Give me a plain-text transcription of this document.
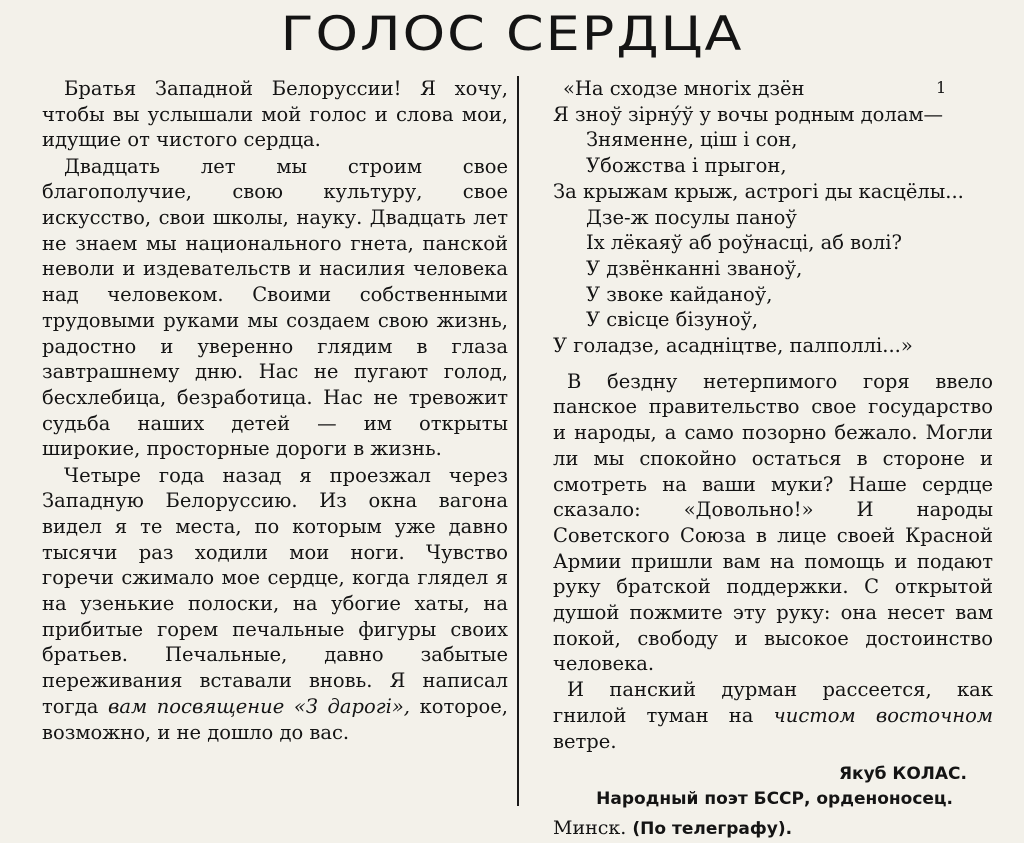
ГОЛОС СЕРДЦА

Братья Западной Белоруссии! Я хочу, чтобы вы услышали мой голос и слова мои, идущие от чистого сердца.

Двадцать лет мы строим свое благополучие, свою культуру, свое искусство, свои школы, науку. Двадцать лет не знаем мы национального гнета, панской неволи и издевательств и насилия человека над человеком. Своими собственными трудовыми руками мы создаем свою жизнь, радостно и уверенно глядим в глаза завтрашнему дню. Нас не пугают голод, бесхлебица, безработица. Нас не тревожит судьба наших детей — им открыты широкие, просторные дороги в жизнь.

Четыре года назад я проезжал через Западную Белоруссию. Из окна вагона видел я те места, по которым уже давно тысячи раз ходили мои ноги. Чувство горечи сжимало мое сердце, когда глядел я на узенькие полоски, на убогие хаты, на прибитые горем печальные фигуры своих братьев. Печальные, давно забытые переживания вставали вновь. Я написал тогда вам посвящение «З дарогі», которое, возможно, и не дошло до вас.

1
«На сходзе многіх дзён
Я зноў зірну́ў у вочы родным долам—
Зняменне, ціш і сон,
Убожства і прыгон,
За крыжам крыж, астрогі ды касцёлы...
Дзе-ж посулы паноў
Іх лёкаяў аб роўнасці, аб волі?
У дзвёнканні званоў,
У звоке кайданоў,
У свісце бізуноў,
У голадзе, асадніцтве, палполлі...»

В бездну нетерпимого горя ввело панское правительство свое государство и народы, а само позорно бежало. Могли ли мы спокойно остаться в стороне и смотреть на ваши муки? Наше сердце сказало: «Довольно!» И народы Советского Союза в лице своей Красной Армии пришли вам на помощь и подают руку братской поддержки. С открытой душой пожмите эту руку: она несет вам покой, свободу и высокое достоинство человека.

И панский дурман рассеется, как гнилой туман на чистом восточном ветре.

Якуб КОЛАС.
Народный поэт БССР, орденоносец.
Минск. (По телеграфу).
